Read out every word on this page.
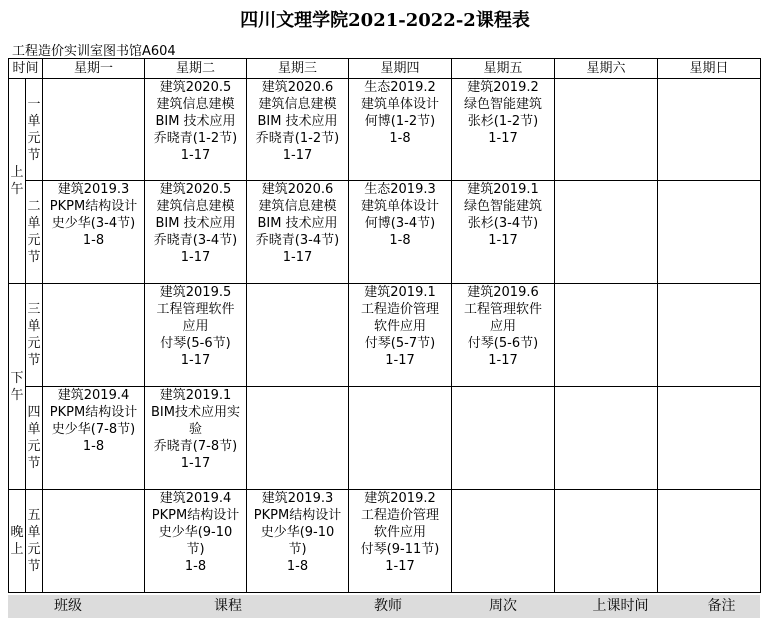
四川文理学院2021-2022-2课程表
工程造价实训室图书馆A604
时间		星期一	星期二	星期三	星期四	星期五	星期六	星期日

上午	一单元节		建筑2020.5
建筑信息建模
BIM 技术应用
乔晓青(1-2节)
1-17	建筑2020.6
建筑信息建模
BIM 技术应用
乔晓青(1-2节)
1-17	生态2019.2
建筑单体设计
何博(1-2节)
1-8	建筑2019.2
绿色智能建筑
张杉(1-2节)
1-17		

	二单元节	建筑2019.3
PKPM结构设计
史少华(3-4节)
1-8	建筑2020.5
建筑信息建模
BIM 技术应用
乔晓青(3-4节)
1-17	建筑2020.6
建筑信息建模
BIM 技术应用
乔晓青(3-4节)
1-17	生态2019.3
建筑单体设计
何博(3-4节)
1-8	建筑2019.1
绿色智能建筑
张杉(3-4节)
1-17		

下午	三单元节		建筑2019.5
工程管理软件
应用
付琴(5-6节)
1-17		建筑2019.1
工程造价管理
软件应用
付琴(5-7节)
1-17	建筑2019.6
工程管理软件
应用
付琴(5-6节)
1-17		

	四单元节	建筑2019.4
PKPM结构设计
史少华(7-8节)
1-8	建筑2019.1
BIM技术应用实
验
乔晓青(7-8节)
1-17					

晚上	五单元节		建筑2019.4
PKPM结构设计
史少华(9-10
节)
1-8	建筑2019.3
PKPM结构设计
史少华(9-10
节)
1-8	建筑2019.2
工程造价管理
软件应用
付琴(9-11节)
1-17			
班级	课程	教师	周次	上课时间	备注
